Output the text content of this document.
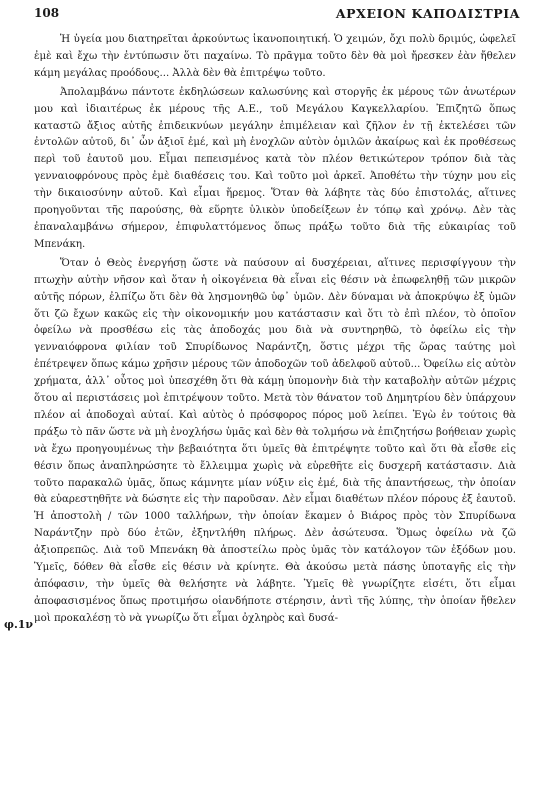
108	ΑΡΧΕΙΟΝ ΚΑΠΟΔΙΣΤΡΙΑ
φ.1ν

Ἡ ὑγεία μου διατηρεῖται ἀρκούντως ἱκανοποιητική. Ὁ χειμών, ὄχι πολὺ δριμύς, ὠφελεῖ ἐμὲ καὶ ἔχω τὴν ἐντύπωσιν ὅτι παχαίνω. Τὸ πρᾶγμα τοῦτο δὲν θὰ μοὶ ἤρεσκεν ἐὰν ἤθελεν κάμη μεγάλας προόδους... Ἀλλὰ δὲν θὰ ἐπιτρέψω τοῦτο.

Ἀπολαμβάνω πάντοτε ἐκδηλώσεων καλωσύνης καὶ στοργῆς ἐκ μέρους τῶν ἀνωτέρων μου καὶ ἰδιαιτέρως ἐκ μέρους τῆς Α.Ε., τοῦ Μεγάλου Καγκελλαρίου. Ἐπιζητῶ ὅπως καταστῶ ἄξιος αὐτῆς ἐπιδεικνύων μεγάλην ἐπιμέλειαν καὶ ζῆλον ἐν τῇ ἐκτελέσει τῶν ἐντολῶν αὐτοῦ, δι᾽ ὧν ἀξιοῖ ἐμέ, καὶ μὴ ἐνοχλῶν αὐτὸν ὁμιλῶν ἀκαίρως καὶ ἐκ προθέσεως περὶ τοῦ ἑαυτοῦ μου. Εἶμαι πεπεισμένος κατὰ τὸν πλέον θετικώτερον τρόπον διὰ τὰς γενναιοφρόνους πρὸς ἐμὲ διαθέσεις του. Καὶ τοῦτο μοὶ ἀρκεῖ. Ἀποθέτω τὴν τύχην μου εἰς τὴν δικαιοσύνην αὐτοῦ. Καὶ εἶμαι ἥρεμος. Ὅταν θὰ λάβητε τὰς δύο ἐπιστολάς, αἵτινες προηγοῦνται τῆς παρούσης, θὰ εὕρητε ὑλικὸν ὑποδείξεων ἐν τόπῳ καὶ χρόνῳ. Δὲν τὰς ἐπαναλαμβάνω σήμερον, ἐπιφυλαττόμενος ὅπως πράξω τοῦτο διὰ τῆς εὐκαιρίας τοῦ Μπενάκη.

Ὅταν ὁ Θεὸς ἐνεργήσῃ ὥστε νὰ παύσουν αἱ δυσχέρειαι, αἵτινες περισφίγγουν τὴν πτωχὴν αὐτὴν νῆσον καὶ ὅταν ἡ οἰκογένεια θὰ εἶναι εἰς θέσιν νὰ ἐπωφεληθῇ τῶν μικρῶν αὐτῆς πόρων, ἐλπίζω ὅτι δὲν θὰ λησμονηθῶ ὑφ᾽ ὑμῶν. Δὲν δύναμαι νὰ ἀποκρύψω ἐξ ὑμῶν ὅτι ζῶ ἔχων κακῶς εἰς τὴν οἰκονομικήν μου κατάστασιν καὶ ὅτι τὸ ἐπὶ πλέον, τὸ ὁποῖον ὀφείλω νὰ προσθέσω εἰς τὰς ἀποδοχάς μου διὰ νὰ συντηρηθῶ, τὸ ὀφείλω εἰς τὴν γενναιόφρονα φιλίαν τοῦ Σπυρίδωνος Ναράντζη, ὅστις μέχρι τῆς ὥρας ταύτης μοὶ ἐπέτρεψεν ὅπως κάμω χρῆσιν μέρους τῶν ἀποδοχῶν τοῦ ἀδελφοῦ αὐτοῦ... Ὀφείλω εἰς αὐτὸν χρήματα, ἀλλ᾽ οὗτος μοὶ ὑπεσχέθη ὅτι θὰ κάμῃ ὑπομονὴν διὰ τὴν καταβολὴν αὐτῶν μέχρις ὅτου αἱ περιστάσεις μοὶ ἐπιτρέψουν τοῦτο. Μετὰ τὸν θάνατον τοῦ Δημητρίου δὲν ὑπάρχουν πλέον αἱ ἀποδοχαὶ αὐταί. Καὶ αὐτὸς ὁ πρόσφορος πόρος μοῦ λείπει. Ἐγὼ ἐν τούτοις θὰ πράξω τὸ πᾶν ὥστε νὰ μὴ ἐνοχλήσω ὑμᾶς καὶ δὲν θὰ τολμήσω νὰ ἐπιζητήσω βοήθειαν χωρὶς νὰ ἔχω προηγουμένως τὴν βεβαιότητα ὅτι ὑμεῖς θὰ ἐπιτρέψητε τοῦτο καὶ ὅτι θὰ εἶσθε εἰς θέσιν ὅπως ἀναπληρώσητε τὸ ἔλλειμμα χωρὶς νὰ εὑρεθῆτε εἰς δυσχερῆ κατάστασιν. Διὰ τοῦτο παρακαλῶ ὑμᾶς, ὅπως κάμνητε μίαν νύξιν εἰς ἐμέ, διὰ τῆς ἀπαντήσεως, τὴν ὁποίαν θὰ εὐαρεστηθῆτε νὰ δώσητε εἰς τὴν παροῦσαν. Δὲν εἶμαι διαθέτων πλέον πόρους ἐξ ἑαυτοῦ. Ἡ ἀποστολὴ / τῶν 1000 ταλλήρων, τὴν ὁποίαν ἔκαμεν ὁ Βιάρος πρὸς τὸν Σπυρίδωνα Ναράντζην πρὸ δύο ἐτῶν, ἐξηντλήθη πλήρως. Δὲν ἀσώτευσα. Ὅμως ὀφείλω νὰ ζῶ ἀξιοπρεπῶς. Διὰ τοῦ Μπενάκη θὰ ἀποστείλω πρὸς ὑμᾶς τὸν κατάλογον τῶν ἐξόδων μου. Ὑμεῖς, δόθεν θὰ εἶσθε εἰς θέσιν νὰ κρίνητε. Θὰ ἀκούσω μετὰ πάσης ὑποταγῆς εἰς τὴν ἀπόφασιν, τὴν ὑμεῖς θὰ θελήσητε νὰ λάβητε. Ὑμεῖς θὲ γνωρίζητε εἰσέτι, ὅτι εἶμαι ἀποφασισμένος ὅπως προτιμήσω οἱανδήποτε στέρησιν, ἀντὶ τῆς λύπης, τὴν ὁποίαν ἤθελεν μοὶ προκαλέσῃ τὸ νὰ γνωρίζω ὅτι εἶμαι ὀχληρὸς καὶ δυσά-
